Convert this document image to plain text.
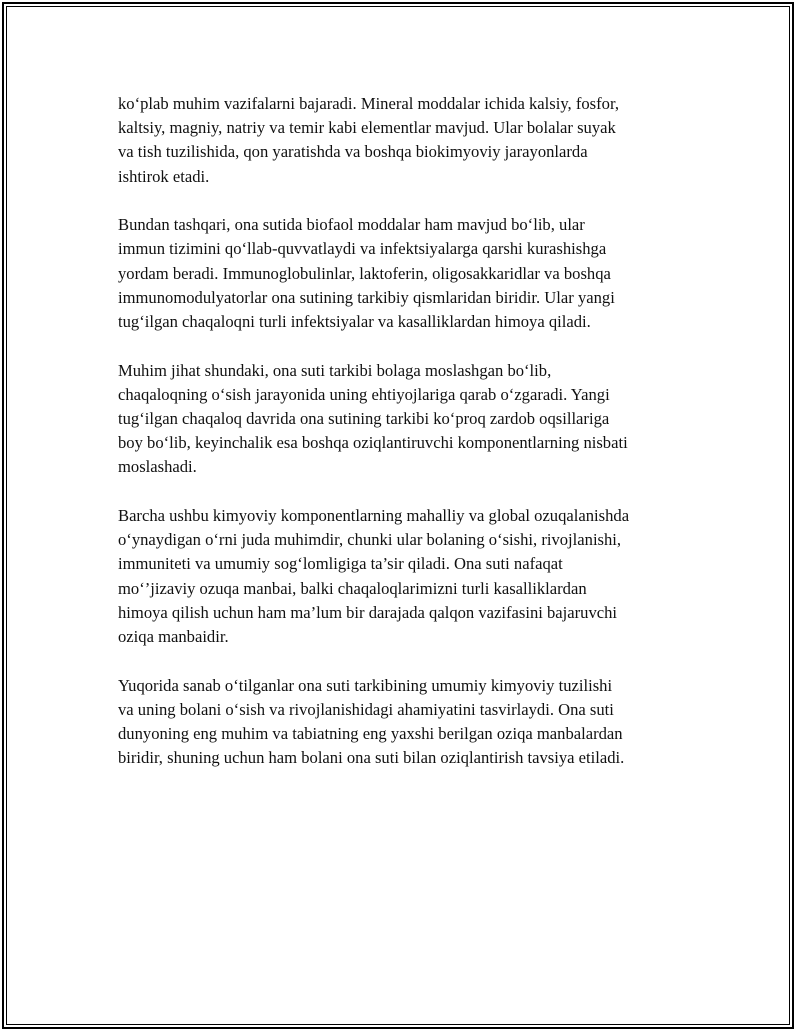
ko‘plab muhim vazifalarni bajaradi. Mineral moddalar ichida kalsiy, fosfor,
kaltsiy, magniy, natriy va temir kabi elementlar mavjud. Ular bolalar suyak
va tish tuzilishida, qon yaratishda va boshqa biokimyoviy jarayonlarda
ishtirok etadi.

Bundan tashqari, ona sutida biofaol moddalar ham mavjud bo‘lib, ular
immun tizimini qo‘llab-quvvatlaydi va infektsiyalarga qarshi kurashishga
yordam beradi. Immunoglobulinlar, laktoferin, oligosakkaridlar va boshqa
immunomodulyatorlar ona sutining tarkibiy qismlaridan biridir. Ular yangi
tug‘ilgan chaqaloqni turli infektsiyalar va kasalliklardan himoya qiladi.

Muhim jihat shundaki, ona suti tarkibi bolaga moslashgan bo‘lib,
chaqaloqning o‘sish jarayonida uning ehtiyojlariga qarab o‘zgaradi. Yangi
tug‘ilgan chaqaloq davrida ona sutining tarkibi ko‘proq zardob oqsillariga
boy bo‘lib, keyinchalik esa boshqa oziqlantiruvchi komponentlarning nisbati
moslashadi.

Barcha ushbu kimyoviy komponentlarning mahalliy va global ozuqalanishda
o‘ynaydigan o‘rni juda muhimdir, chunki ular bolaning o‘sishi, rivojlanishi,
immuniteti va umumiy sog‘lomligiga ta’sir qiladi. Ona suti nafaqat
mo‘’jizaviy ozuqa manbai, balki chaqaloqlarimizni turli kasalliklardan
himoya qilish uchun ham ma’lum bir darajada qalqon vazifasini bajaruvchi
oziqa manbaidir.

Yuqorida sanab o‘tilganlar ona suti tarkibining umumiy kimyoviy tuzilishi
va uning bolani o‘sish va rivojlanishidagi ahamiyatini tasvirlaydi. Ona suti
dunyoning eng muhim va tabiatning eng yaxshi berilgan oziqa manbalardan
biridir, shuning uchun ham bolani ona suti bilan oziqlantirish tavsiya etiladi.
